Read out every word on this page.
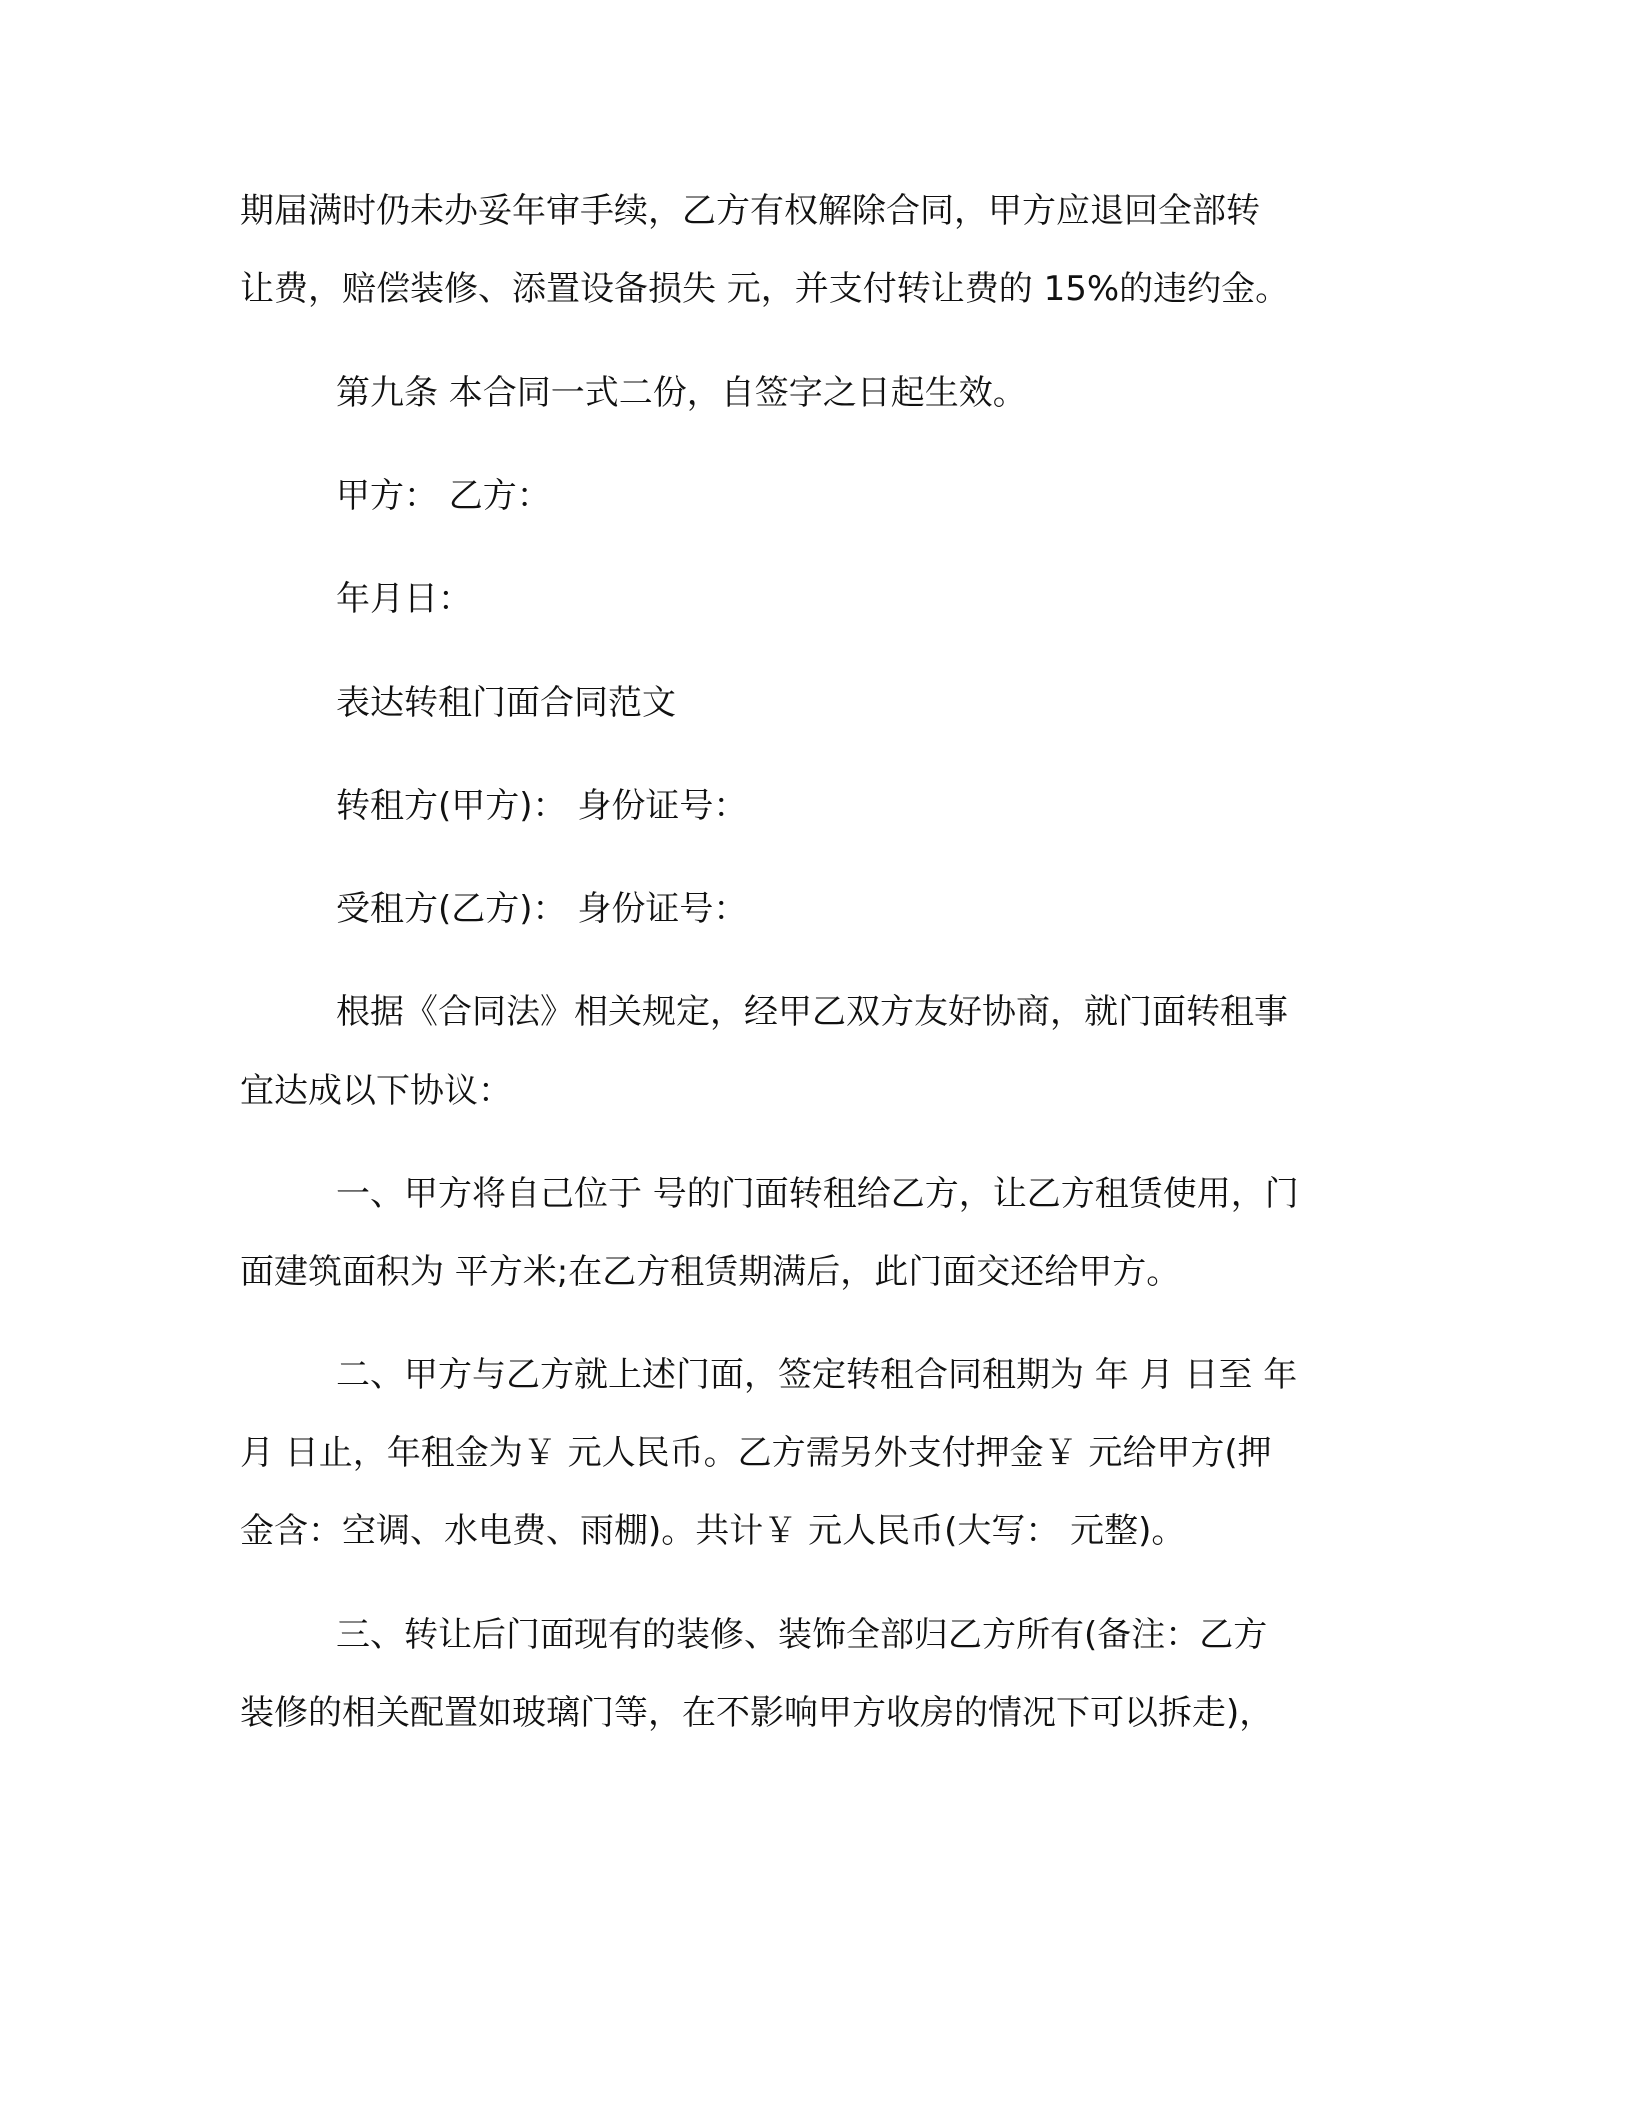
期届满时仍未办妥年审手续，乙方有权解除合同，甲方应退回全部转
让费，赔偿装修、添置设备损失 元，并支付转让费的 15%的违约金。
第九条 本合同一式二份，自签字之日起生效。
甲方： 乙方：
年月日：
表达转租门面合同范文
转租方(甲方)： 身份证号：
受租方(乙方)： 身份证号：
根据《合同法》相关规定，经甲乙双方友好协商，就门面转租事
宜达成以下协议：
一、甲方将自己位于 号的门面转租给乙方，让乙方租赁使用，门
面建筑面积为 平方米;在乙方租赁期满后，此门面交还给甲方。
二、甲方与乙方就上述门面，签定转租合同租期为 年 月 日至 年
月 日止，年租金为￥ 元人民币。乙方需另外支付押金￥ 元给甲方(押
金含：空调、水电费、雨棚)。共计￥ 元人民币(大写： 元整)。
三、转让后门面现有的装修、装饰全部归乙方所有(备注：乙方
装修的相关配置如玻璃门等，在不影响甲方收房的情况下可以拆走)，
